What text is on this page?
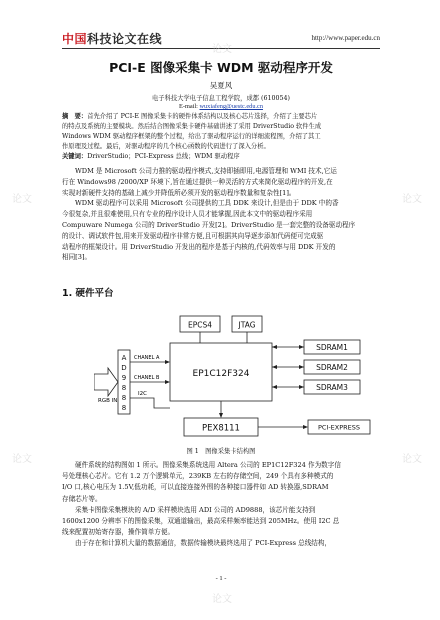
中国科技论文在线	http://www.paper.edu.cn
PCI-E 图像采集卡 WDM 驱动程序开发
吴夏风
电子科技大学电子信息工程学院，成都 (610054)
E-mail: wuxiafeng@uestc.edu.cn
摘　要：首先介绍了 PCI-E 图像采集卡的硬件体系结构以及核心芯片选择，介绍了主要芯片
的特点及系统的主要模块。然后结合图像采集卡硬件基础讲述了采用 DriverStudio 软件生成
Windows WDM 驱动程序框架的整个过程，给出了驱动程序运行的详细流程图，介绍了其工
作原理及过程。最后，对驱动程序的几个核心函数的代码进行了深入分析。
关键词：DriverStudio；PCI-Express 总线；WDM 驱动程序
WDM 是 Microsoft 公司力推的驱动程序模式,支持即插即用,电源管理和 WMI 技术,它运
行在 Windows98 /2000/XP 环境下,旨在通过提供一种灵活的方式来简化驱动程序的开发,在
实现对新硬件支持的基础上减少并降低所必须开发的驱动程序数量和复杂性[1]。
WDM 驱动程序可以采用 Microsoft 公司提供的工具 DDK 来设计,但是由于 DDK 中的香
今很复杂,并且很难使用,只有专业的程序设计人员才能掌握,因此本文中的驱动程序采用
Compuware Numega 公司的 DriverStudio 开发[2]。DriverStudio 是一套完整的设备驱动程序
的设计、调试软件包,用来开发驱动程序非常方便,且可根据其向导逐步添加代码便可完成驱
动程序的框架设计。用 DriverStudio 开发出的程序是基于内核的,代码效率与用 DDK 开发的
相同[3]。
1. 硬件平台
EPCS4	JTAG
A
D
9
8
8
8
RGB IN
EP1C12F324
CHANEL A
CHANEL B
I2C
SDRAM1
SDRAM2
SDRAM3
PEX8111	PCI-EXPRESS
图 1　图像采集卡结构图
硬件系统的结构图如 1 所示。图像采集系统选用 Altera 公司的 EP1C12F324 作为数字信
号处理核心芯片。它有 1.2 万个逻辑单元，239KB 左右的存储空间，249 个具有多种模式的
I/O 口,核心电压为 1.5V,低功耗，可以直接连接外围的各种接口器件如 AD 转换器,SDRAM
存储芯片等。
采集卡图像采集模块的 A/D 采样模块选用 ADI 公司的 AD9888，该芯片能支持到
1600x1200 分辨率下的图像采集，双通道输出，最高采样频率能达到 205MHz。使用 I2C 总
线来配置初始寄存器，操作简单方便。
由于存在和计算机大量的数据通信，数据传输模块最终选用了 PCI-Express 总线结构，
- 1 -
论文
论文
论文
论文	论文
论文
